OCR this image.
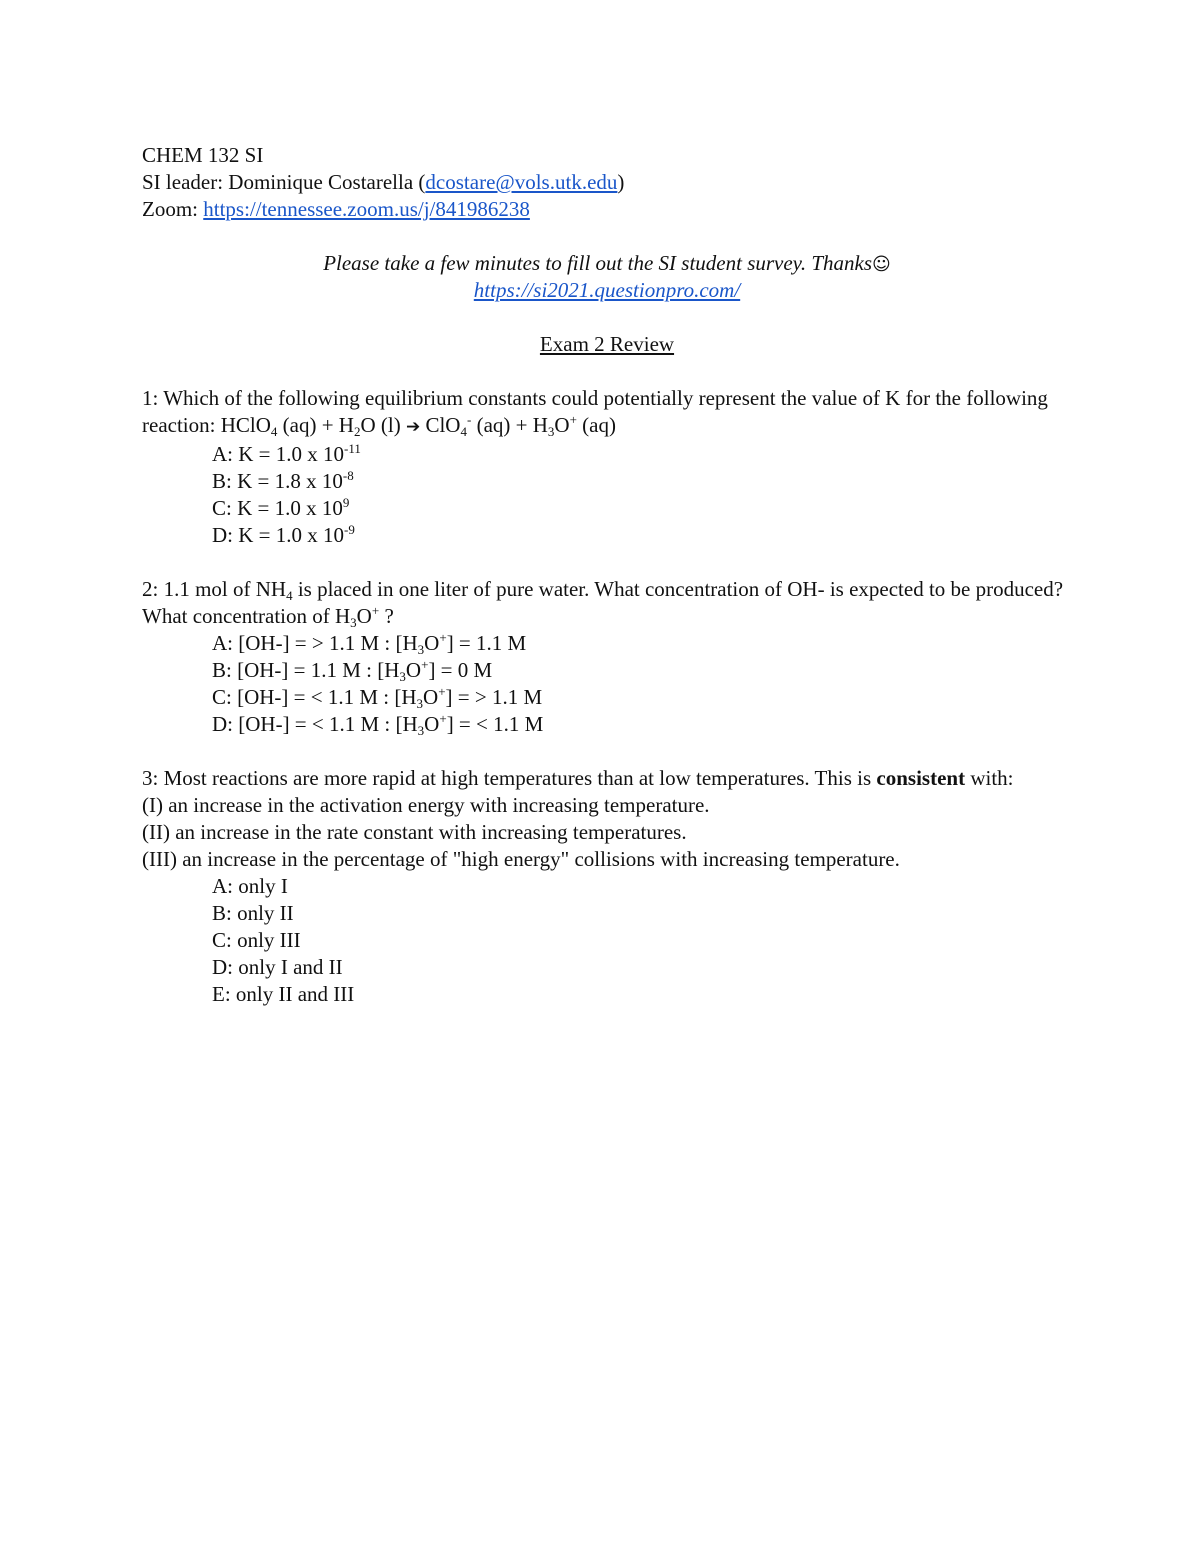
CHEM 132 SI
SI leader: Dominique Costarella (dcostare@vols.utk.edu)
Zoom: https://tennessee.zoom.us/j/841986238
Please take a few minutes to fill out the SI student survey. Thanks☺
https://si2021.questionpro.com/
Exam 2 Review
1: Which of the following equilibrium constants could potentially represent the value of K for the following reaction: HClO$_4$ $(aq) + H_2O$ (l) ➔ ClO$_4$- $(aq) + H_3O^+$ (aq)
A: K = 1.0 x $10^{-11}$
B: K = 1.8 x $10^{-8}$
C: K = 1.0 x $10^9$
D: K = 1.0 x $10^{-9}$
2: 1.1 mol of $NH_4$ is placed in one liter of pure water. What concentration of OH- is expected to be produced? What concentration of $H_3O^+$ ?
A: [OH-] = > 1.1 M : $[H_3O^+] = 1.1$ M
B: [OH-] = 1.1 M : $[H_3O^+] = 0$ M
C: [OH-] = < 1.1 M : $[H_3O^+]$ = > 1.1 M
D: [OH-] = < 1.1 M : $[H_3O^+]$ = < 1.1 M
3: Most reactions are more rapid at high temperatures than at low temperatures. This is consistent with:
(I) an increase in the activation energy with increasing temperature.
(II) an increase in the rate constant with increasing temperatures.
(III) an increase in the percentage of "high energy" collisions with increasing temperature.
A: only I
B: only II
C: only III
D: only I and II
E: only II and III
